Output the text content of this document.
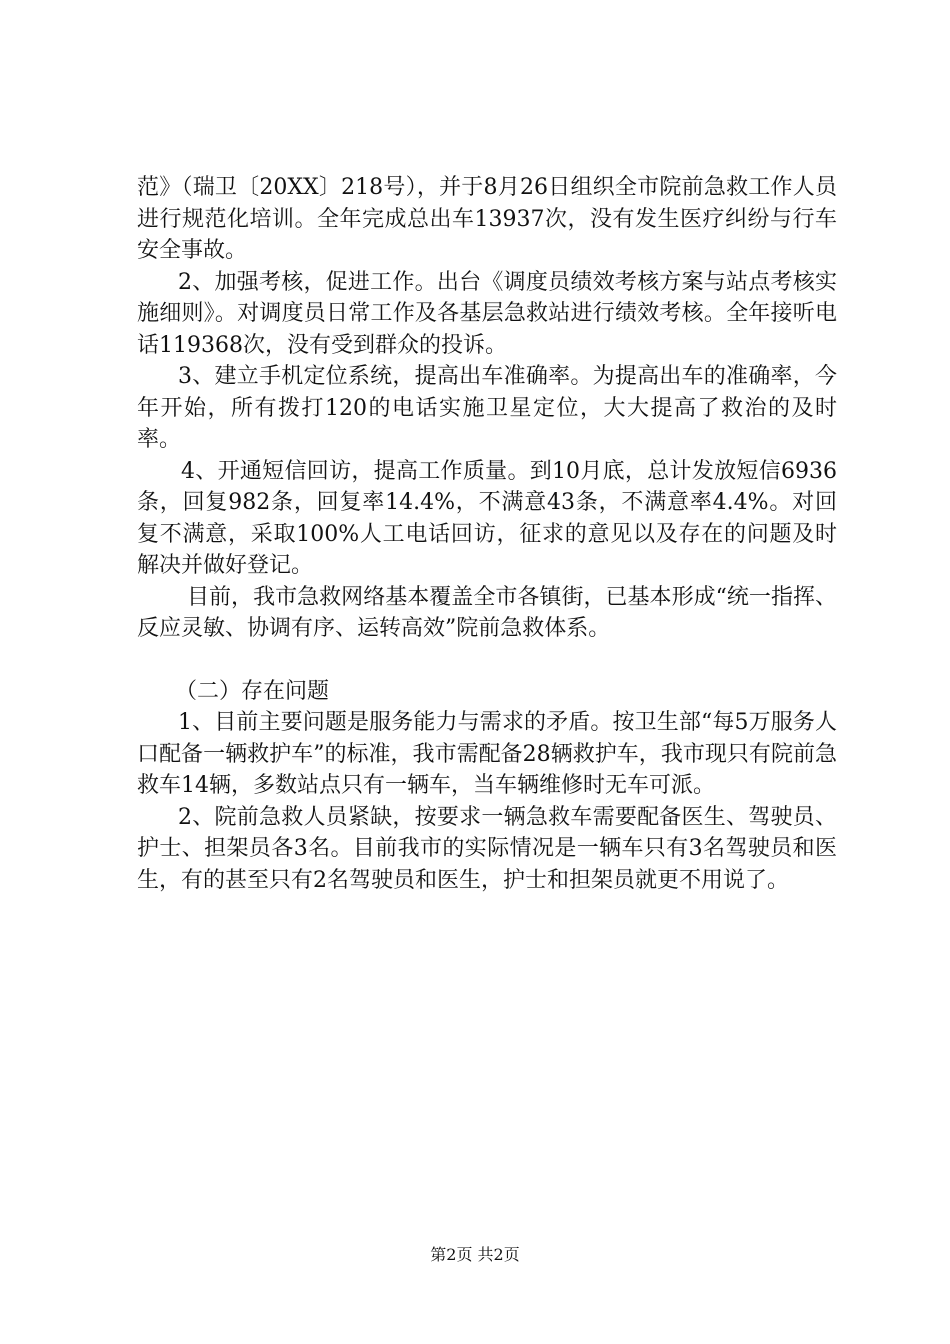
范》（瑞卫〔20XX〕218号），并于8月26日组织全市院前急救工作人员进行规范化培训。全年完成总出车13937次，没有发生医疗纠纷与行车安全事故。

2、加强考核，促进工作。出台《调度员绩效考核方案与站点考核实施细则》。对调度员日常工作及各基层急救站进行绩效考核。全年接听电话119368次，没有受到群众的投诉。

3、建立手机定位系统，提高出车准确率。为提高出车的准确率，今年开始，所有拨打120的电话实施卫星定位，大大提高了救治的及时率。

4、开通短信回访，提高工作质量。到10月底，总计发放短信6936条，回复982条，回复率14.4%，不满意43条，不满意率4.4%。对回复不满意，采取100%人工电话回访，征求的意见以及存在的问题及时解决并做好登记。

目前，我市急救网络基本覆盖全市各镇街，已基本形成“统一指挥、反应灵敏、协调有序、运转高效”院前急救体系。

（二）存在问题

1、目前主要问题是服务能力与需求的矛盾。按卫生部“每5万服务人口配备一辆救护车”的标准，我市需配备28辆救护车，我市现只有院前急救车14辆，多数站点只有一辆车，当车辆维修时无车可派。

2、院前急救人员紧缺，按要求一辆急救车需要配备医生、驾驶员、护士、担架员各3名。目前我市的实际情况是一辆车只有3名驾驶员和医生，有的甚至只有2名驾驶员和医生，护士和担架员就更不用说了。

第2页 共2页
